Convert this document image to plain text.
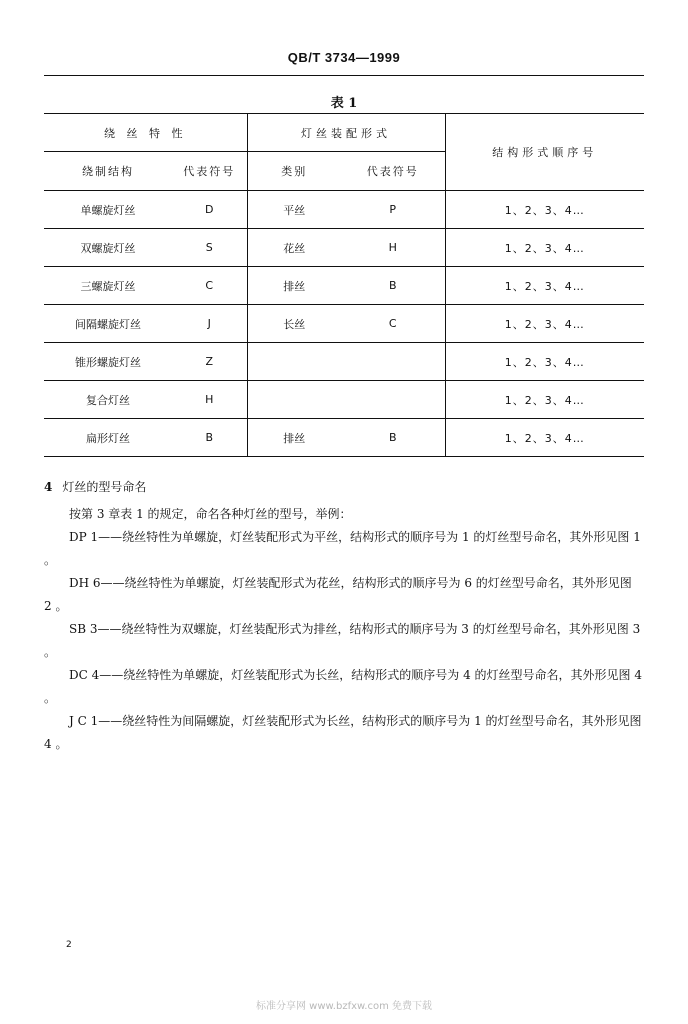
QB/T 3734—1999
表 1
绕 丝 特 性		灯丝装配形式		结构形式顺序号
绕制结构	代表符号	类别	代表符号	
单螺旋灯丝	D	平丝	P	1、2、3、4…
双螺旋灯丝	S	花丝	H	1、2、3、4…
三螺旋灯丝	C	排丝	B	1、2、3、4…
间隔螺旋灯丝	J	长丝	C	1、2、3、4…
锥形螺旋灯丝	Z			1、2、3、4…
复合灯丝	H			1、2、3、4…
扁形灯丝	B	排丝	B	1、2、3、4…
4 灯丝的型号命名

按第 3 章表 1 的规定，命名各种灯丝的型号，举例：

DP 1——绕丝特性为单螺旋，灯丝装配形式为平丝，结构形式的顺序号为 1 的灯丝型号命名，其外形见图 1 。

DH 6——绕丝特性为单螺旋，灯丝装配形式为花丝，结构形式的顺序号为 6 的灯丝型号命名，其外形见图 2 。

SB 3——绕丝特性为双螺旋，灯丝装配形式为排丝，结构形式的顺序号为 3 的灯丝型号命名，其外形见图 3 。

DC 4——绕丝特性为单螺旋，灯丝装配形式为长丝，结构形式的顺序号为 4 的灯丝型号命名，其外形见图 4 。

J C 1——绕丝特性为间隔螺旋，灯丝装配形式为长丝，结构形式的顺序号为 1 的灯丝型号命名，其外形见图 4 。

2
标准分享网 www.bzfxw.com 免费下载
